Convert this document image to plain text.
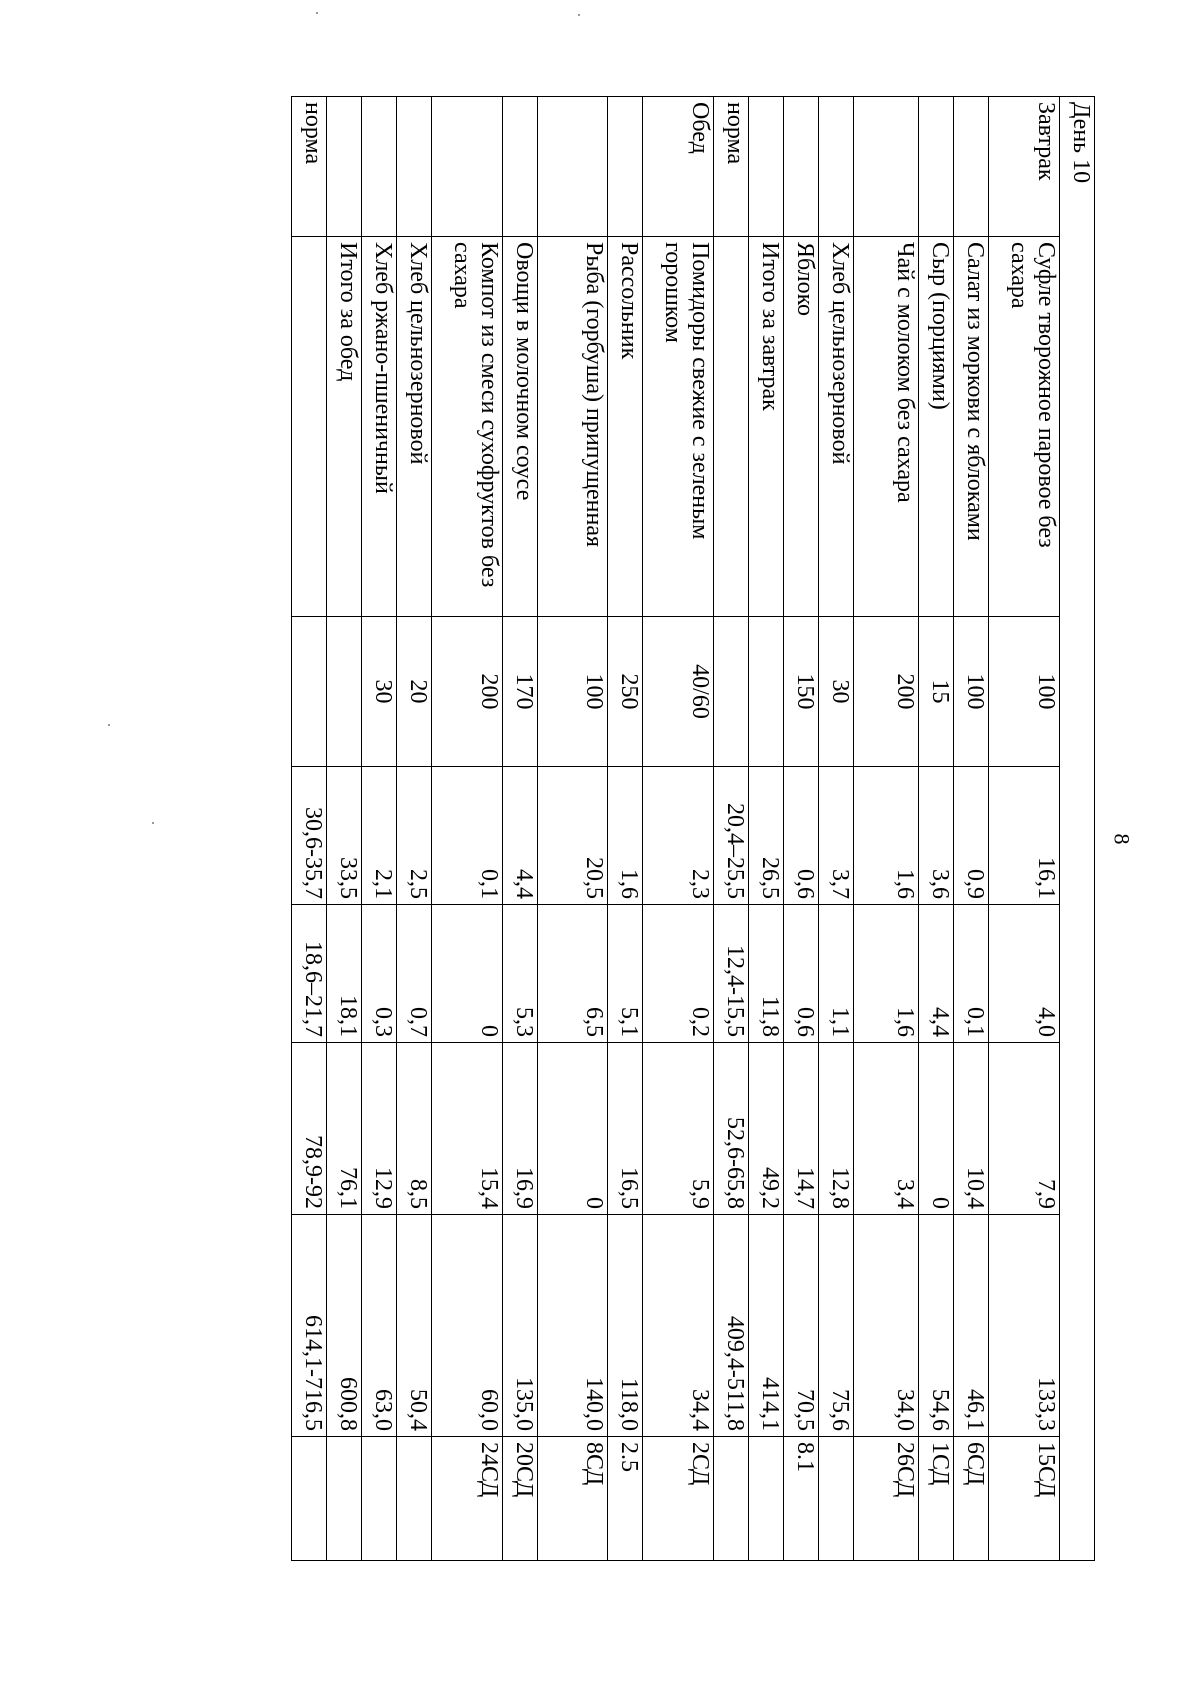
8
День 10							
Завтрак	Суфле творожное паровое без сахара	100	16,1	4,0	7,9	133,3	15СД
	Салат из моркови с яблоками	100	0,9	0,1	10,4	46,1	6СД
	Сыр (порциями)	15	3,6	4,4	0	54,6	1СД
	Чай с молоком без сахара	200	1,6	1,6	3,4	34,0	26СД
	Хлеб цельнозерновой	30	3,7	1,1	12,8	75,6	
	Яблоко	150	0,6	0,6	14,7	70,5	8.1
	Итого за завтрак		26,5	11,8	49,2	414,1	
норма			20,4–25,5	12,4-15,5	52,6-65,8	409,4-511,8	
Обед	Помидоры свежие с зеленым горошком	40/60	2,3	0,2	5,9	34,4	2СД
	Рассольник	250	1,6	5,1	16,5	118,0	2.5
	Рыба (горбуша) припущенная	100	20,5	6,5	0	140,0	8СД
	Овощи в молочном соусе	170	4,4	5,3	16,9	135,0	20СД
	Компот из смеси сухофруктов без сахара	200	0,1	0	15,4	60,0	24СД
	Хлеб цельнозерновой	20	2,5	0,7	8,5	50,4	
	Хлеб ржано-пшеничный	30	2,1	0,3	12,9	63,0	
	Итого за обед		33,5	18,1	76,1	600,8	
норма			30,6-35,7	18,6–21,7	78,9-92	614,1-716,5	
